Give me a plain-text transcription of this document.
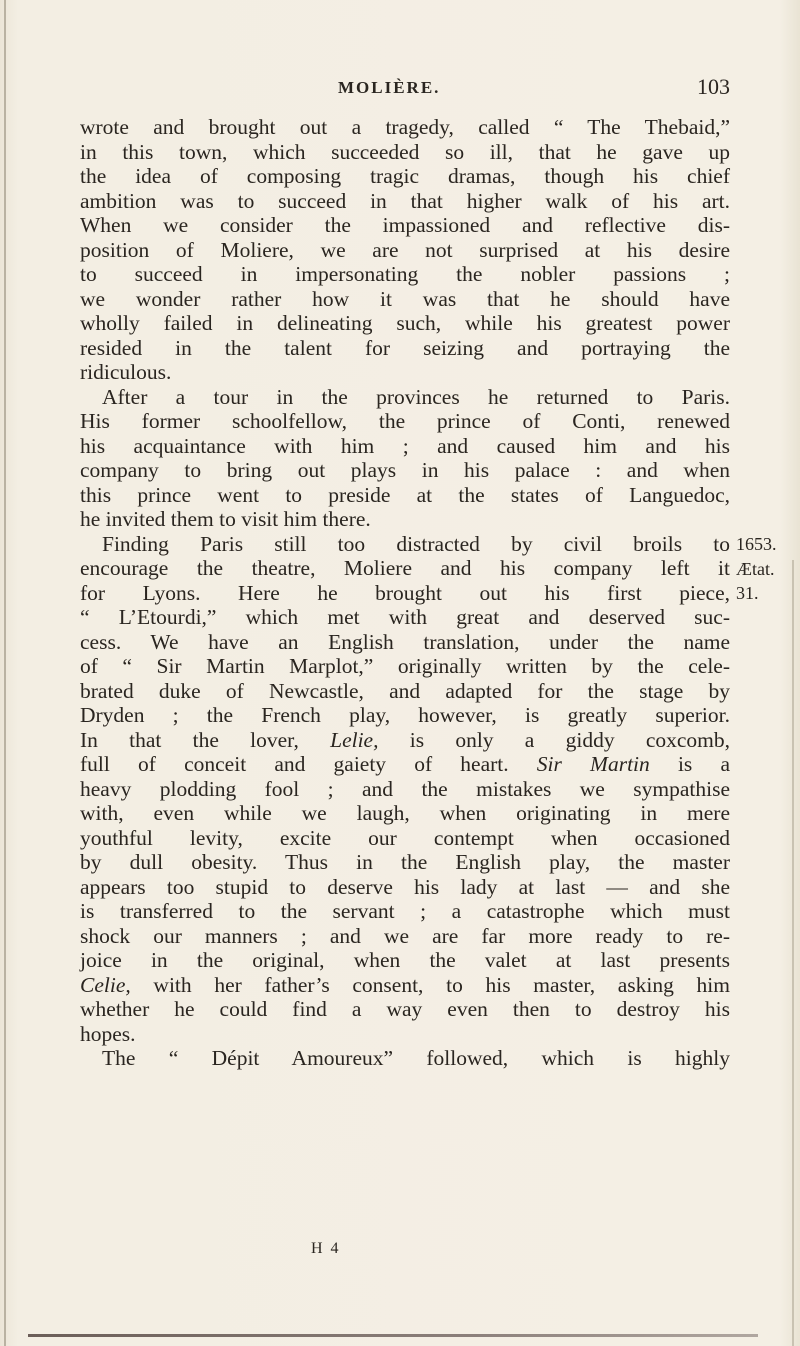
MOLIÈRE.	103
wrote and brought out a tragedy, called “ The Thebaid,”
in this town, which succeeded so ill, that he gave up
the idea of composing tragic dramas, though his chief
ambition was to succeed in that higher walk of his art.
When we consider the impassioned and reflective dis-
position of Moliere, we are not surprised at his desire
to succeed in impersonating the nobler passions ;
we wonder rather how it was that he should have
wholly failed in delineating such, while his greatest power
resided in the talent for seizing and portraying the
ridiculous.
After a tour in the provinces he returned to Paris.
His former schoolfellow, the prince of Conti, renewed
his acquaintance with him ; and caused him and his
company to bring out plays in his palace : and when
this prince went to preside at the states of Languedoc,
he invited them to visit him there.
Finding Paris still too distracted by civil broils to
encourage the theatre, Moliere and his company left it
for Lyons. Here he brought out his first piece,
“ L’Etourdi,” which met with great and deserved suc-
cess. We have an English translation, under the name
of “ Sir Martin Marplot,” originally written by the cele-
brated duke of Newcastle, and adapted for the stage by
Dryden ; the French play, however, is greatly superior.
In that the lover, Lelie, is only a giddy coxcomb,
full of conceit and gaiety of heart. Sir Martin is a
heavy plodding fool ; and the mistakes we sympathise
with, even while we laugh, when originating in mere
youthful levity, excite our contempt when occasioned
by dull obesity. Thus in the English play, the master
appears too stupid to deserve his lady at last — and she
is transferred to the servant ; a catastrophe which must
shock our manners ; and we are far more ready to re-
joice in the original, when the valet at last presents
Celie, with her father’s consent, to his master, asking him
whether he could find a way even then to destroy his
hopes.
The “ Dépit Amoureux” followed, which is highly
1653.
Ætat.
31.
H 4
